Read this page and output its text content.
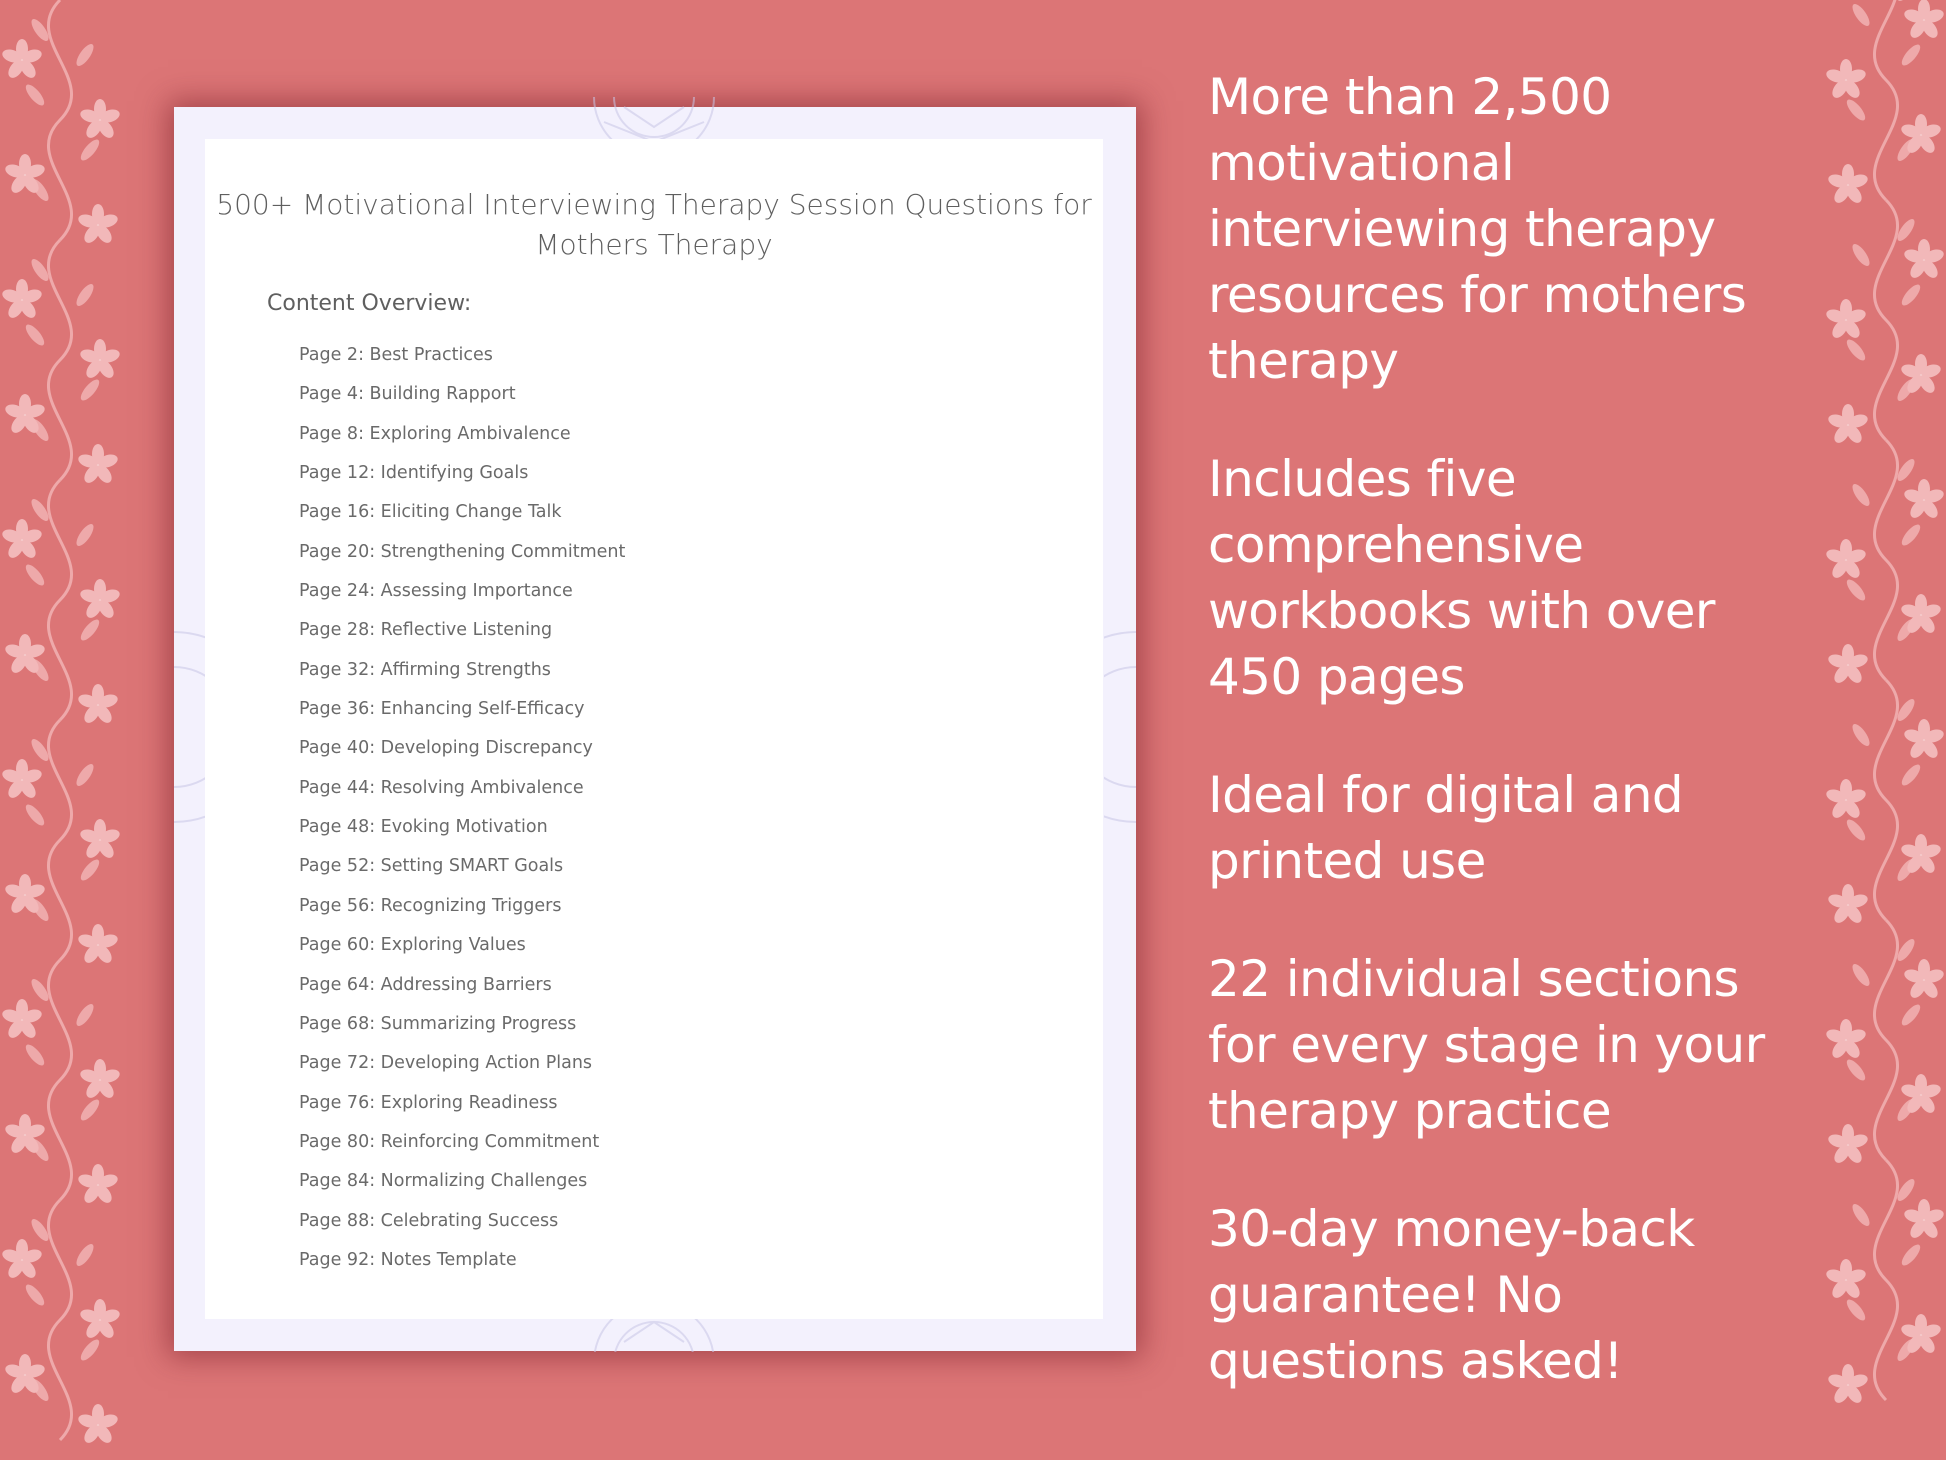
500+ Motivational Interviewing Therapy Session Questions for
Mothers Therapy
Content Overview:
Page 2: Best Practices
Page 4: Building Rapport
Page 8: Exploring Ambivalence
Page 12: Identifying Goals
Page 16: Eliciting Change Talk
Page 20: Strengthening Commitment
Page 24: Assessing Importance
Page 28: Reflective Listening
Page 32: Affirming Strengths
Page 36: Enhancing Self-Efficacy
Page 40: Developing Discrepancy
Page 44: Resolving Ambivalence
Page 48: Evoking Motivation
Page 52: Setting SMART Goals
Page 56: Recognizing Triggers
Page 60: Exploring Values
Page 64: Addressing Barriers
Page 68: Summarizing Progress
Page 72: Developing Action Plans
Page 76: Exploring Readiness
Page 80: Reinforcing Commitment
Page 84: Normalizing Challenges
Page 88: Celebrating Success
Page 92: Notes Template

More than 2,500 motivational interviewing therapy resources for mothers therapy

Includes five comprehensive workbooks with over 450 pages

Ideal for digital and printed use

22 individual sections for every stage in your therapy practice

30-day money-back guarantee! No questions asked!
